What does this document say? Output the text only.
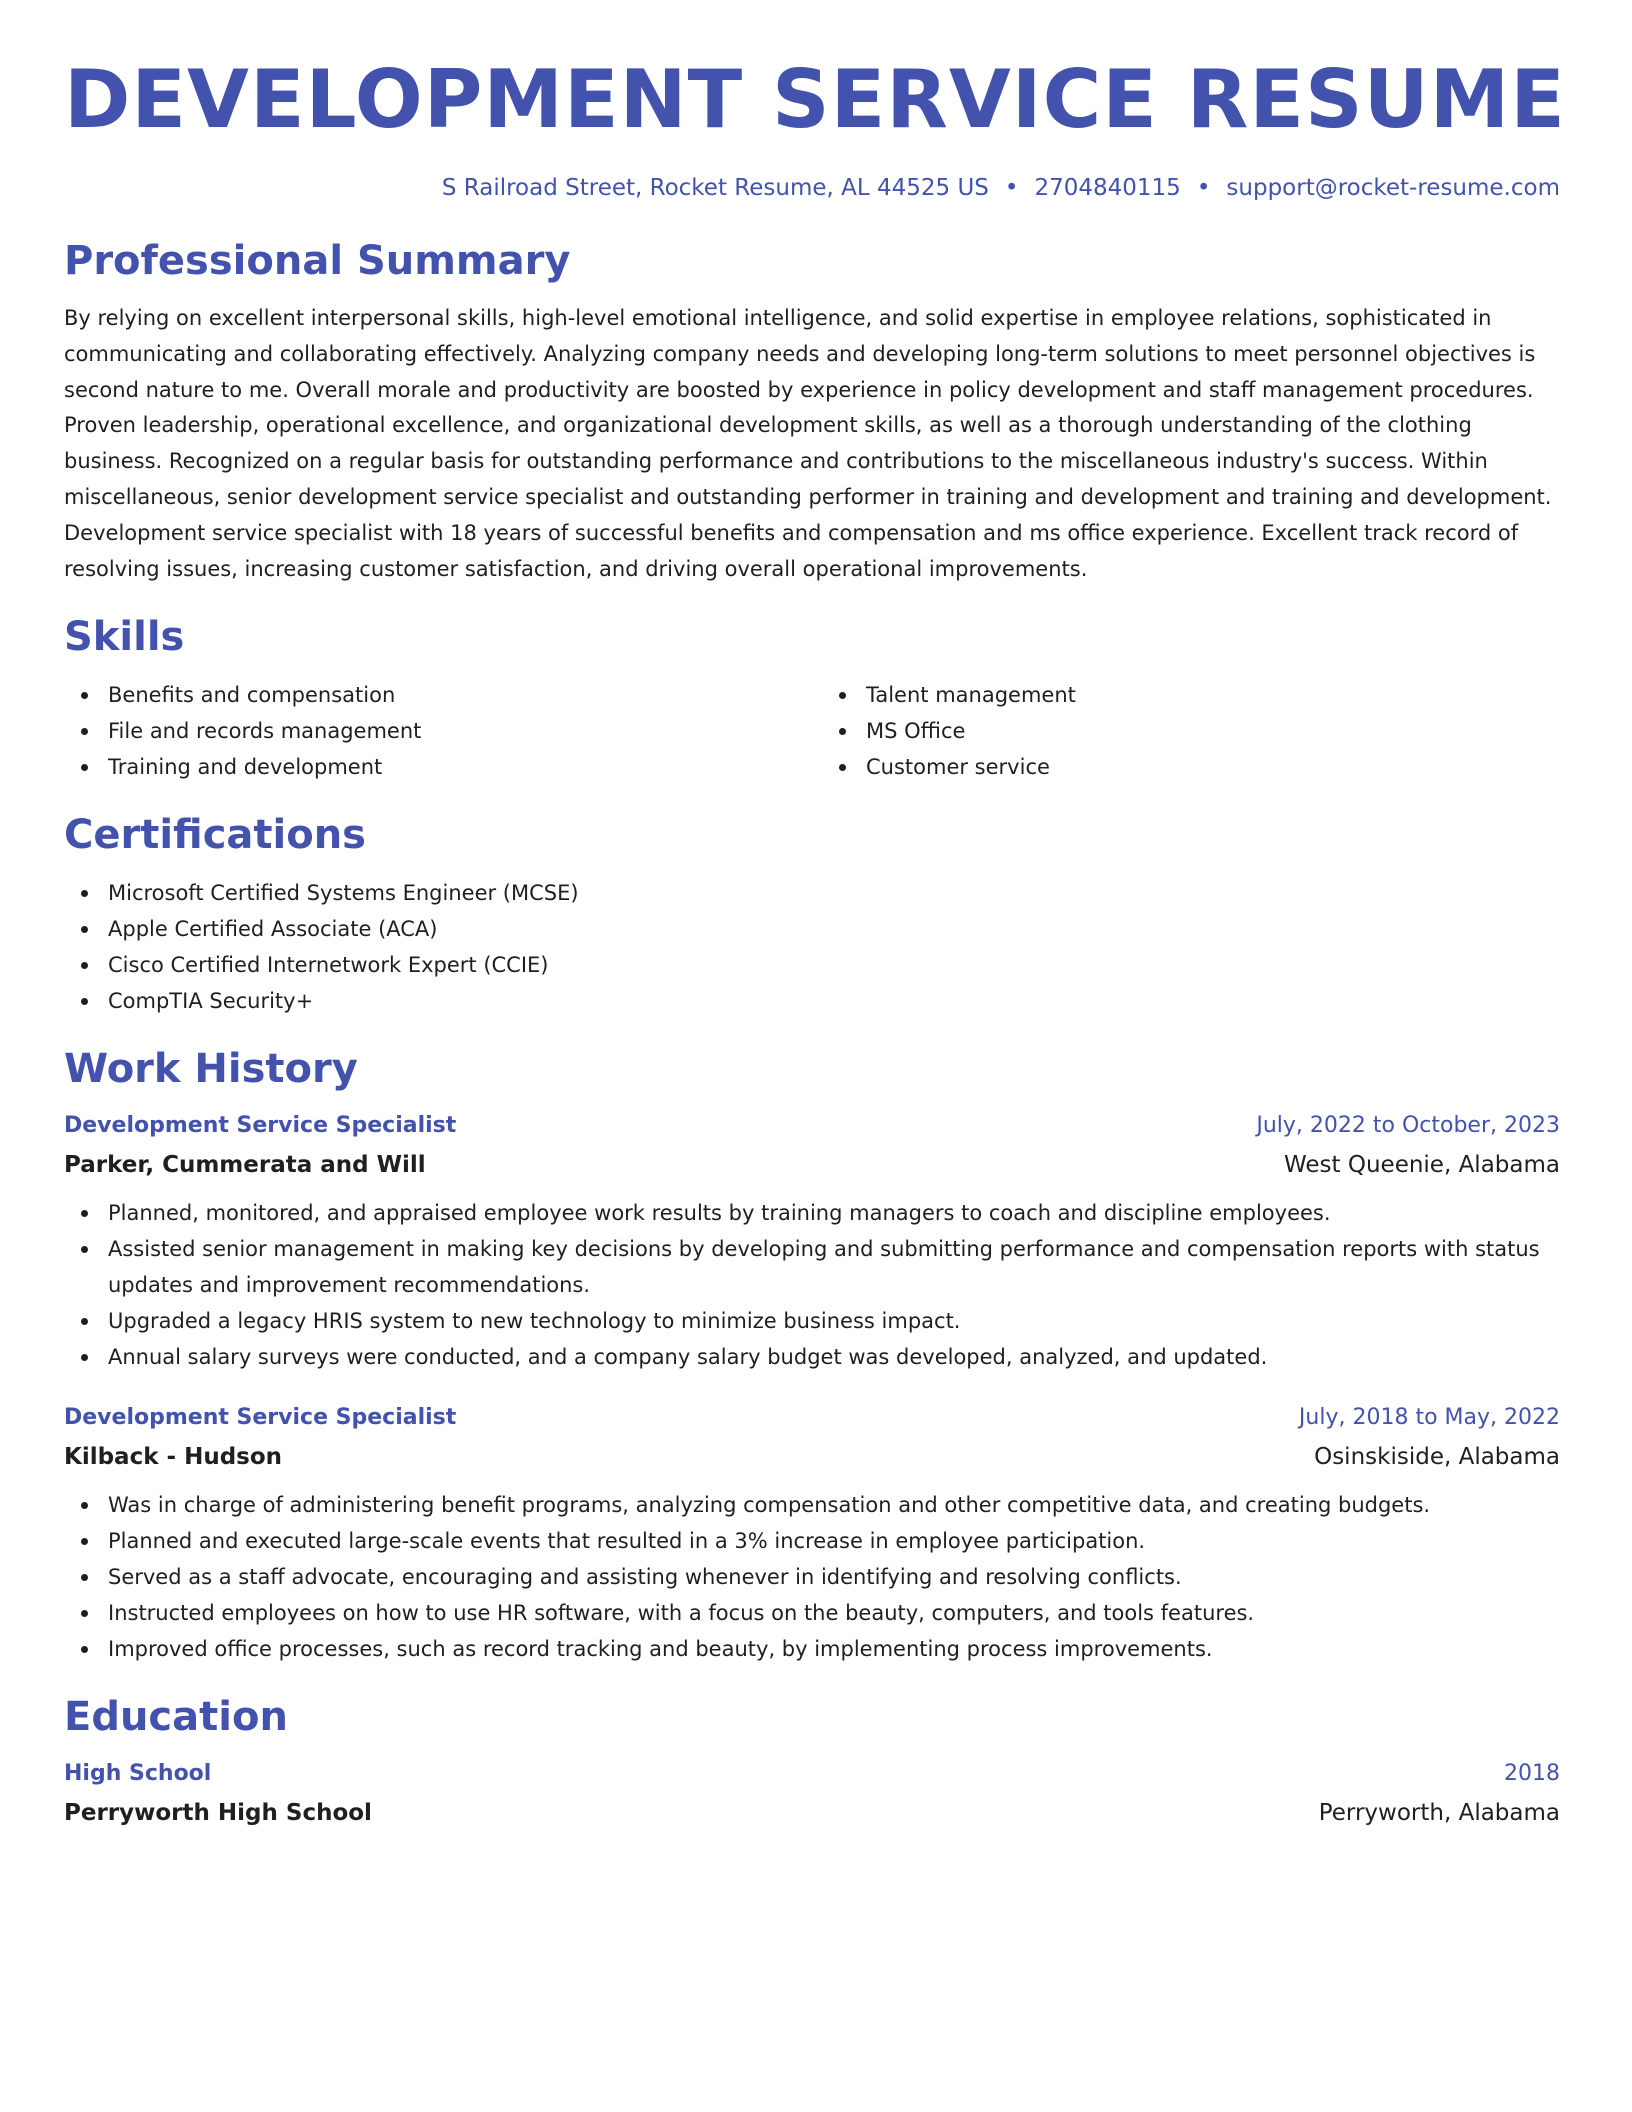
DEVELOPMENT SERVICE RESUME
S Railroad Street, Rocket Resume, AL 44525 US • 2704840115 • support@rocket-resume.com
Professional Summary
By relying on excellent interpersonal skills, high-level emotional intelligence, and solid expertise in employee relations, sophisticated in communicating and collaborating effectively. Analyzing company needs and developing long-term solutions to meet personnel objectives is second nature to me. Overall morale and productivity are boosted by experience in policy development and staff management procedures. Proven leadership, operational excellence, and organizational development skills, as well as a thorough understanding of the clothing business. Recognized on a regular basis for outstanding performance and contributions to the miscellaneous industry's success. Within miscellaneous, senior development service specialist and outstanding performer in training and development and training and development. Development service specialist with 18 years of successful benefits and compensation and ms office experience. Excellent track record of resolving issues, increasing customer satisfaction, and driving overall operational improvements.
Skills
Benefits and compensation
File and records management
Training and development
Talent management
MS Office
Customer service
Certifications
Microsoft Certified Systems Engineer (MCSE)
Apple Certified Associate (ACA)
Cisco Certified Internetwork Expert (CCIE)
CompTIA Security+
Work History
Development Service Specialist	July, 2022 to October, 2023
Parker, Cummerata and Will	West Queenie, Alabama
Planned, monitored, and appraised employee work results by training managers to coach and discipline employees.
Assisted senior management in making key decisions by developing and submitting performance and compensation reports with status updates and improvement recommendations.
Upgraded a legacy HRIS system to new technology to minimize business impact.
Annual salary surveys were conducted, and a company salary budget was developed, analyzed, and updated.
Development Service Specialist	July, 2018 to May, 2022
Kilback - Hudson	Osinskiside, Alabama
Was in charge of administering benefit programs, analyzing compensation and other competitive data, and creating budgets.
Planned and executed large-scale events that resulted in a 3% increase in employee participation.
Served as a staff advocate, encouraging and assisting whenever in identifying and resolving conflicts.
Instructed employees on how to use HR software, with a focus on the beauty, computers, and tools features.
Improved office processes, such as record tracking and beauty, by implementing process improvements.
Education
High School	2018
Perryworth High School	Perryworth, Alabama
